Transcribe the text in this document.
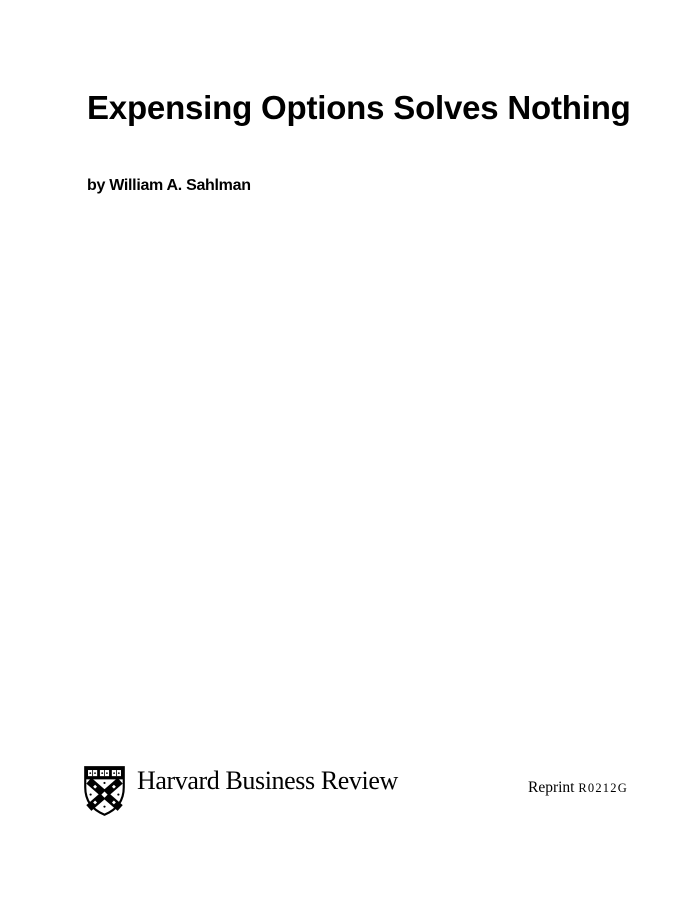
Expensing Options Solves Nothing
by William A. Sahlman
Harvard Business Review	Reprint R0212G
